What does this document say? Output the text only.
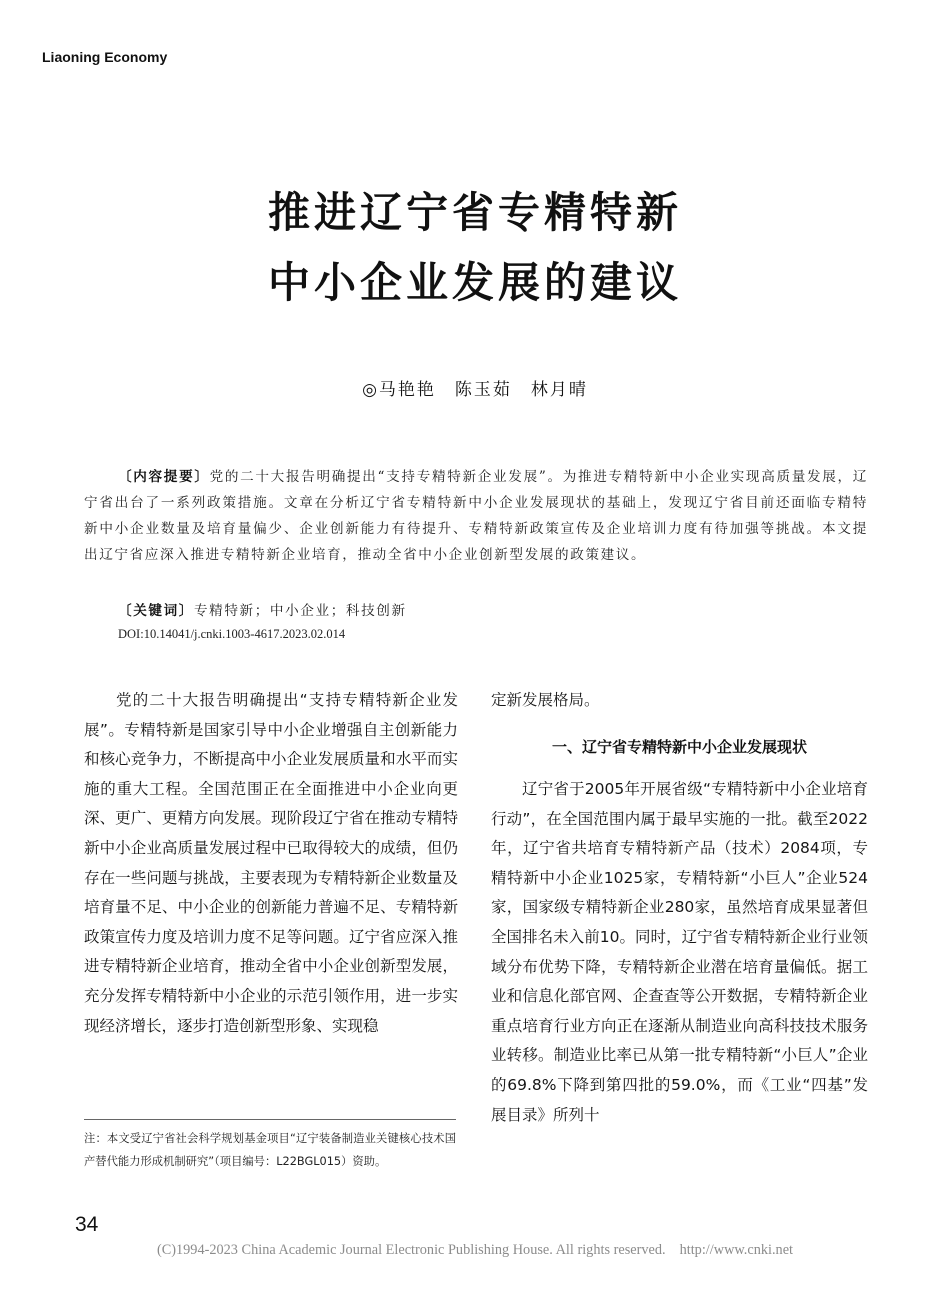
Liaoning Economy
推进辽宁省专精特新
中小企业发展的建议
◎马艳艳　陈玉茹　林月晴
〔内容提要〕党的二十大报告明确提出“支持专精特新企业发展”。为推进专精特新中小企业实现高质量发展，辽宁省出台了一系列政策措施。文章在分析辽宁省专精特新中小企业发展现状的基础上，发现辽宁省目前还面临专精特新中小企业数量及培育量偏少、企业创新能力有待提升、专精特新政策宣传及企业培训力度有待加强等挑战。本文提出辽宁省应深入推进专精特新企业培育，推动全省中小企业创新型发展的政策建议。
〔关键词〕专精特新；中小企业；科技创新
DOI:10.14041/j.cnki.1003-4617.2023.02.014
党的二十大报告明确提出“支持专精特新企业发展”。专精特新是国家引导中小企业增强自主创新能力和核心竞争力，不断提高中小企业发展质量和水平而实施的重大工程。全国范围正在全面推进中小企业向更深、更广、更精方向发展。现阶段辽宁省在推动专精特新中小企业高质量发展过程中已取得较大的成绩，但仍存在一些问题与挑战，主要表现为专精特新企业数量及培育量不足、中小企业的创新能力普遍不足、专精特新政策宣传力度及培训力度不足等问题。辽宁省应深入推进专精特新企业培育，推动全省中小企业创新型发展，充分发挥专精特新中小企业的示范引领作用，进一步实现经济增长，逐步打造创新型形象、实现稳
定新发展格局。
一、辽宁省专精特新中小企业发展现状
辽宁省于2005年开展省级“专精特新中小企业培育行动”，在全国范围内属于最早实施的一批。截至2022年，辽宁省共培育专精特新产品（技术）2084项，专精特新中小企业1025家，专精特新“小巨人”企业524家，国家级专精特新企业280家，虽然培育成果显著但全国排名未入前10。同时，辽宁省专精特新企业行业领域分布优势下降，专精特新企业潜在培育量偏低。据工业和信息化部官网、企查查等公开数据，专精特新企业重点培育行业方向正在逐渐从制造业向高科技技术服务业转移。制造业比率已从第一批专精特新“小巨人”企业的69.8%下降到第四批的59.0%，而《工业“四基”发展目录》所列十
注：本文受辽宁省社会科学规划基金项目“辽宁装备制造业关键核心技术国产替代能力形成机制研究”（项目编号：L22BGL015）资助。
34
(C)1994-2023 China Academic Journal Electronic Publishing House. All rights reserved. http://www.cnki.net
